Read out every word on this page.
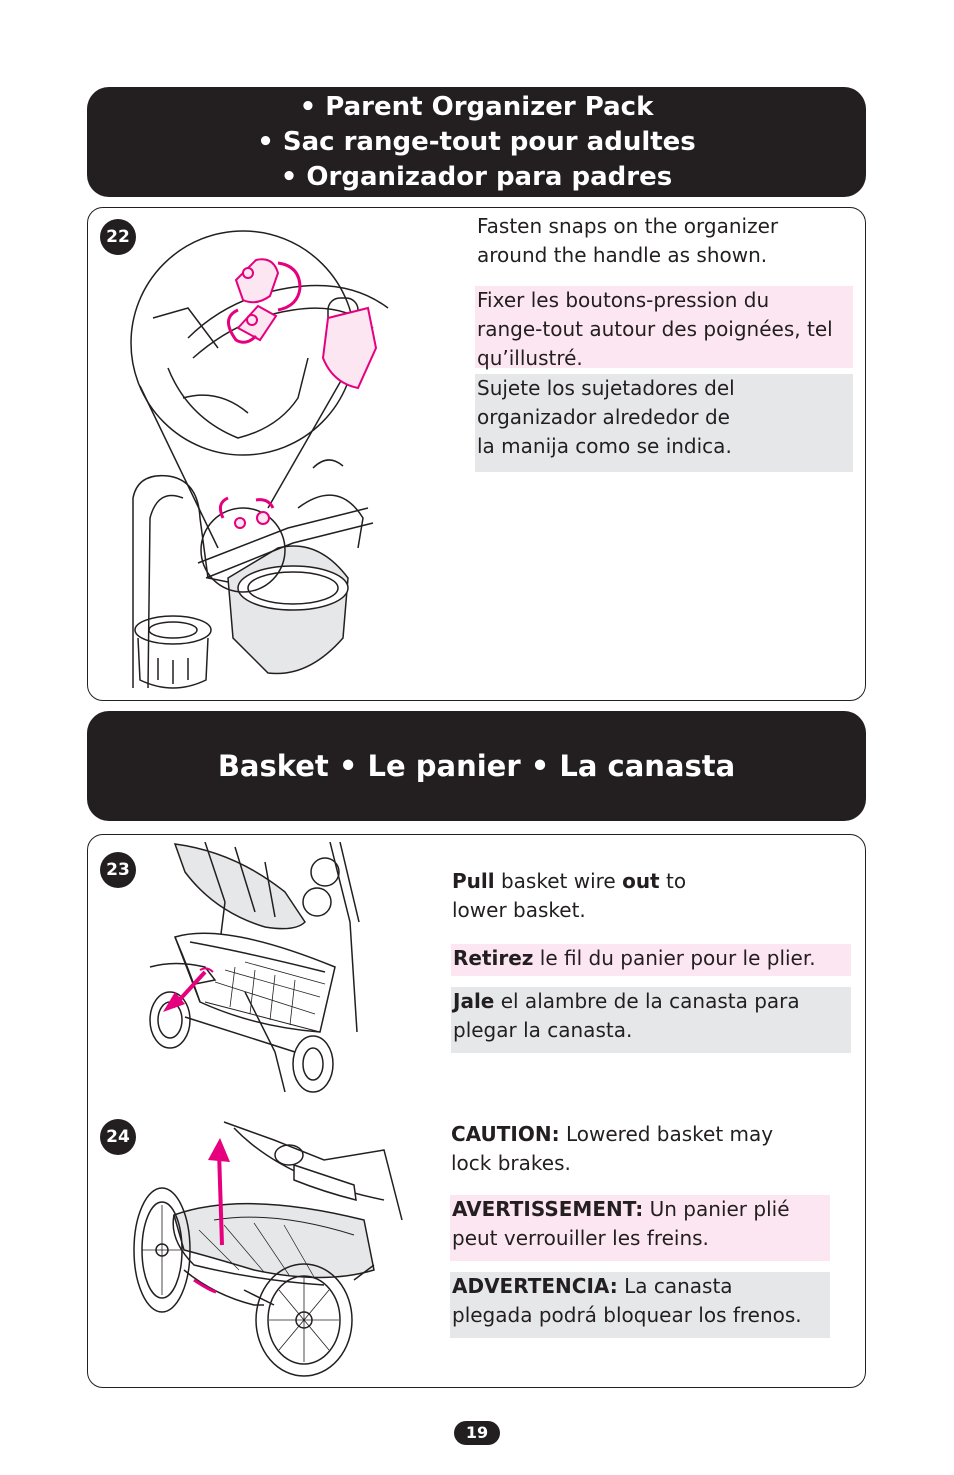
• Parent Organizer Pack
• Sac range-tout pour adultes
• Organizador para padres
22	Fasten snaps on the organizer
around the handle as shown.
Fixer les boutons-pression du
range-tout autour des poignées, tel
qu’illustré.
Sujete los sujetadores del
organizador alrededor de
la manija como se indica.
Basket • Le panier • La canasta
23	Pull basket wire out to
lower basket.
Retirez le fil du panier pour le plier.
Jale el alambre de la canasta para
plegar la canasta.
24	CAUTION: Lowered basket may
lock brakes.
AVERTISSEMENT: Un panier plié
peut verrouiller les freins.
ADVERTENCIA: La canasta
plegada podrá bloquear los frenos.
19
